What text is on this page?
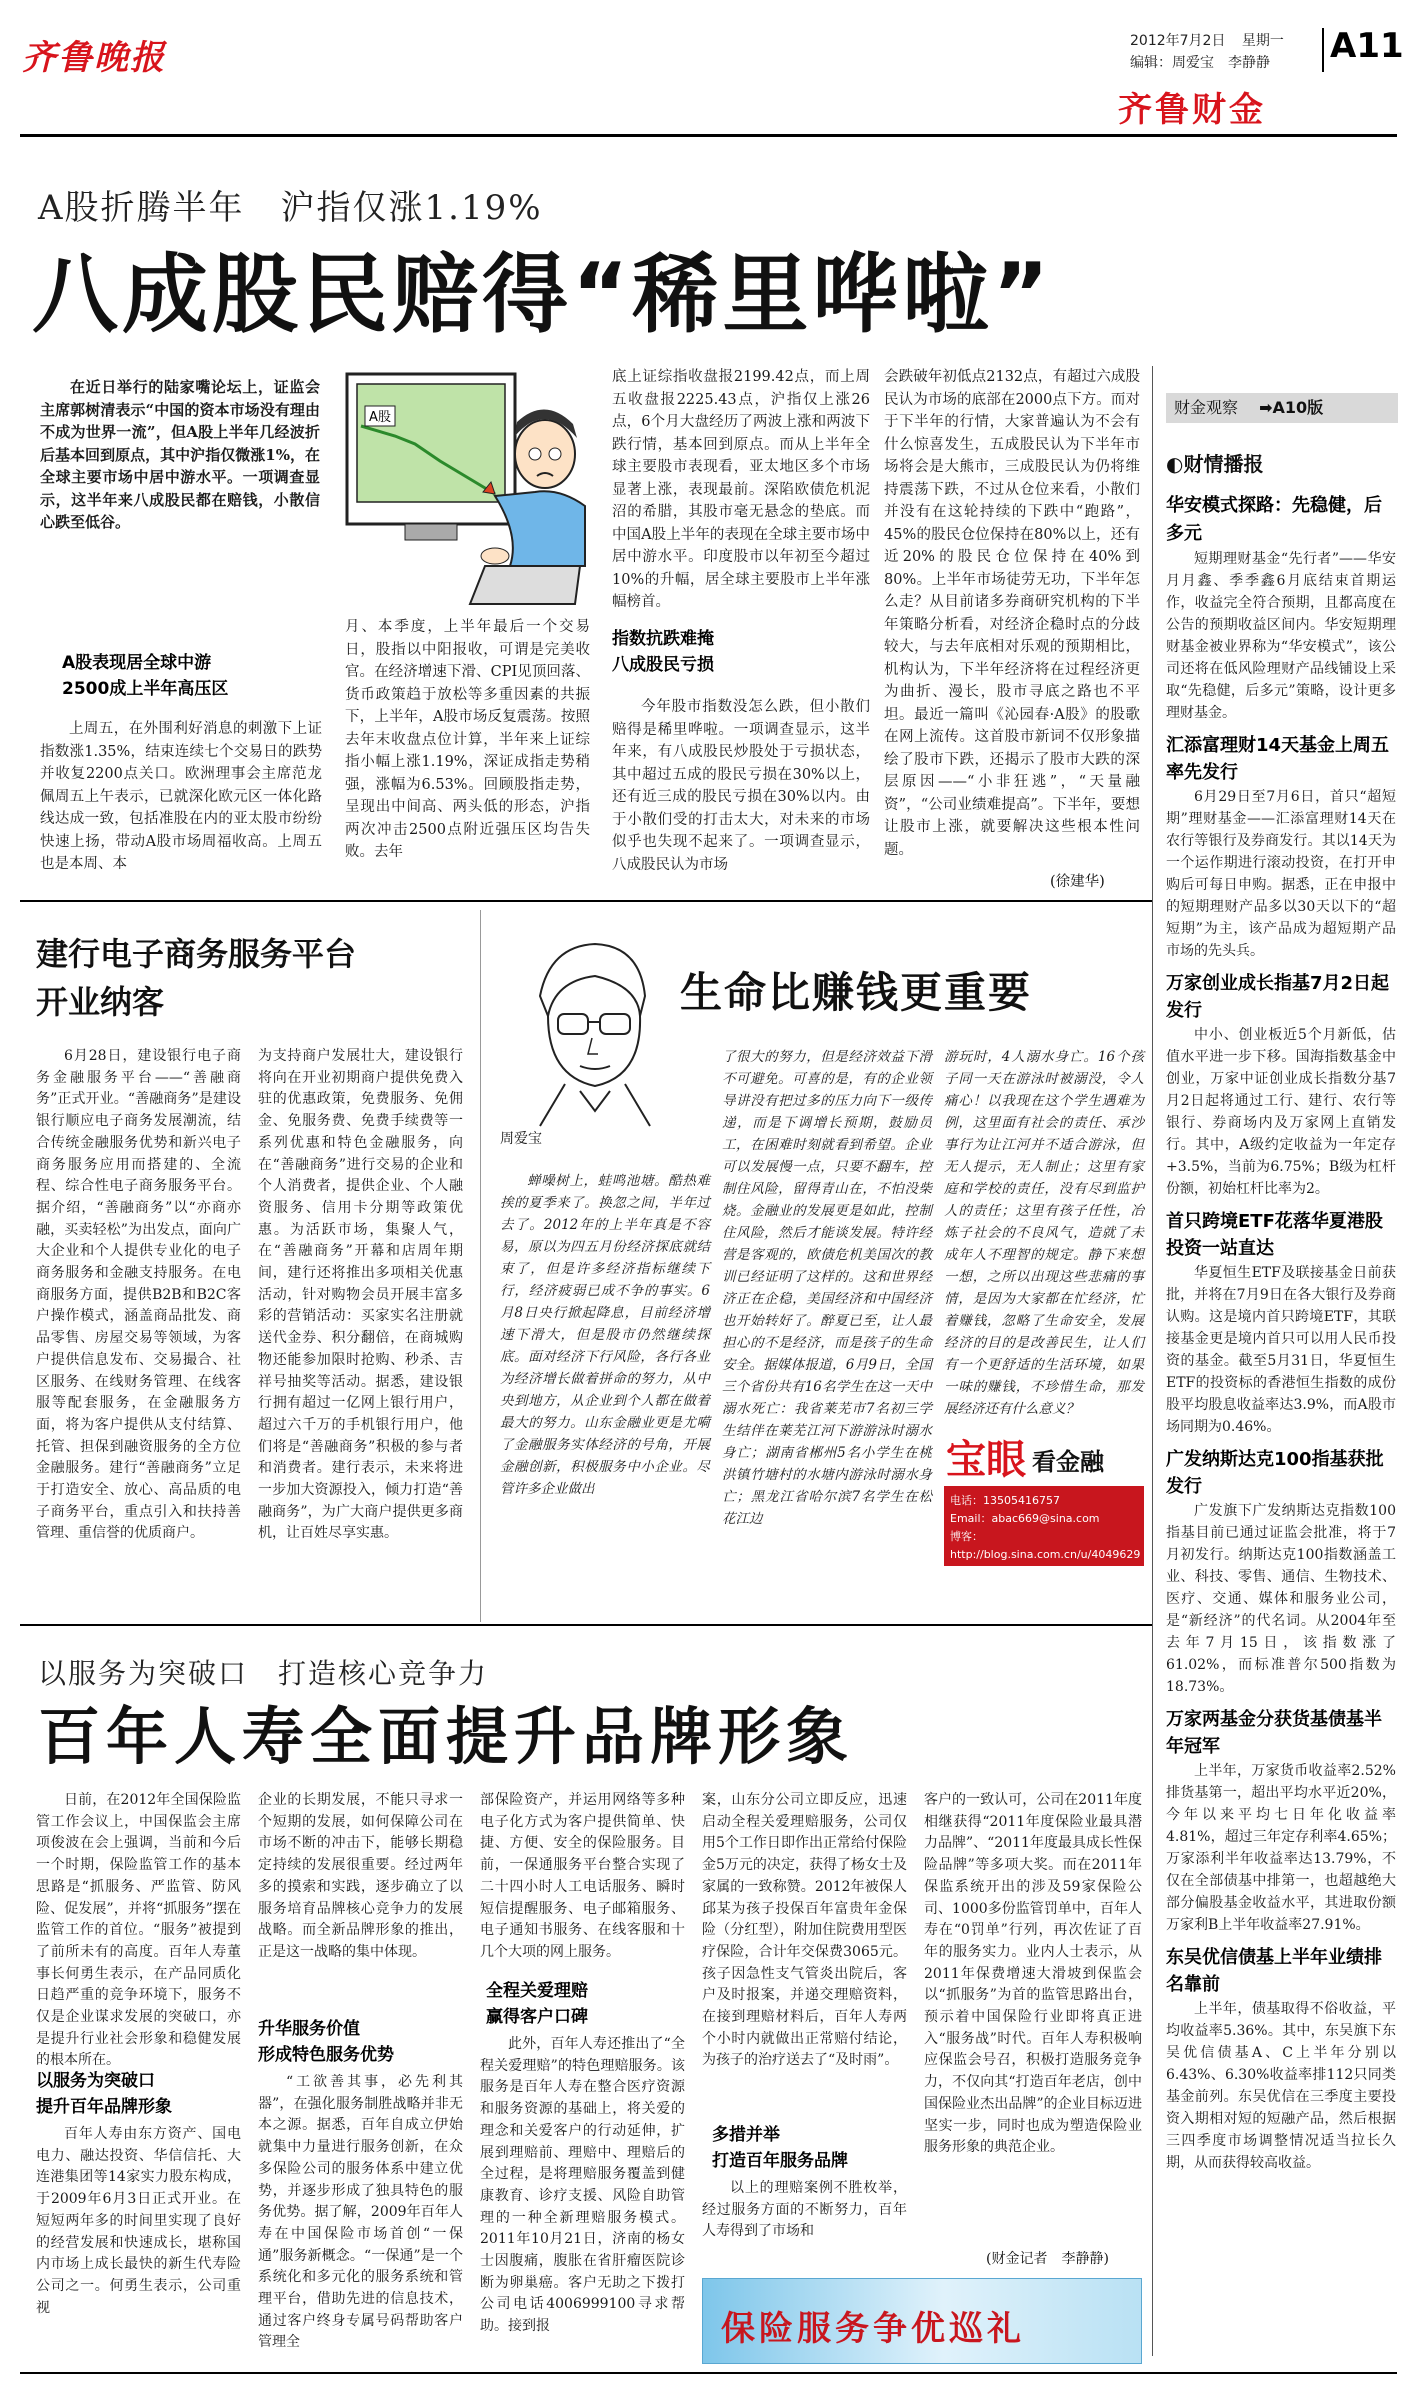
齐鲁晚报	2012年7月2日 星期一
编辑：周爱宝　李静静 A11
齐鲁财金
A股折腾半年　沪指仅涨1.19%
八成股民赔得“稀里哗啦”
A股

在近日举行的陆家嘴论坛上，证监会主席郭树清表示“中国的资本市场没有理由不成为世界一流”，但A股上半年几经波折后基本回到原点，其中沪指仅微涨1%，在全球主要市场中居中游水平。一项调查显示，这半年来八成股民都在赔钱，小散信心跌至低谷。

A股表现居全球中游
2500成上半年高压区

上周五，在外围利好消息的刺激下上证指数涨1.35%，结束连续七个交易日的跌势并收复2200点关口。欧洲理事会主席范龙佩周五上午表示，已就深化欧元区一体化路线达成一致，包括准股在内的亚太股市纷纷快速上扬，带动A股市场周福收高。上周五也是本周、本

月、本季度，上半年最后一个交易日，股指以中阳报收，可谓是完美收官。在经济增速下滑、CPI见顶回落、货币政策趋于放松等多重因素的共振下，上半年，A股市场反复震荡。按照去年末收盘点位计算，半年来上证综指小幅上涨1.19%，深证成指走势稍强，涨幅为6.53%。回顾股指走势，呈现出中间高、两头低的形态，沪指两次冲击2500点附近强压区均告失败。去年

底上证综指收盘报2199.42点，而上周五收盘报2225.43点，沪指仅上涨26点，6个月大盘经历了两波上涨和两波下跌行情，基本回到原点。而从上半年全球主要股市表现看，亚太地区多个市场显著上涨，表现最前。深陷欧债危机泥沼的希腊，其股市毫无悬念的垫底。而中国A股上半年的表现在全球主要市场中居中游水平。印度股市以年初至今超过10%的升幅，居全球主要股市上半年涨幅榜首。

指数抗跌难掩
八成股民亏损

今年股市指数没怎么跌，但小散们赔得是稀里哗啦。一项调查显示，这半年来，有八成股民炒股处于亏损状态，其中超过五成的股民亏损在30%以上，还有近三成的股民亏损在30%以内。由于小散们受的打击太大，对未来的市场似乎也失现不起来了。一项调查显示，八成股民认为市场

会跌破年初低点2132点，有超过六成股民认为市场的底部在2000点下方。而对于下半年的行情，大家普遍认为不会有什么惊喜发生，五成股民认为下半年市场将会是大熊市，三成股民认为仍将维持震荡下跌，不过从仓位来看，小散们并没有在这轮持续的下跌中“跑路”，45%的股民仓位保持在80%以上，还有近20%的股民仓位保持在40%到80%。上半年市场徒劳无功，下半年怎么走？从目前诸多券商研究机构的下半年策略分析看，对经济企稳时点的分歧较大，与去年底相对乐观的预期相比，机构认为，下半年经济将在过程经济更为曲折、漫长，股市寻底之路也不平坦。最近一篇叫《沁园春·A股》的股歌在网上流传。这首股市新词不仅形象描绘了股市下跌，还揭示了股市大跌的深层原因——“小非狂逃”，“天量融资”，“公司业绩难提高”。下半年，要想让股市上涨，就要解决这些根本性问题。

(徐建华)
财金观察 ➡A10版
◐财情播报
华安模式探路：先稳健，后多元
短期理财基金“先行者”——华安月月鑫、季季鑫6月底结束首期运作，收益完全符合预期，且都高度在公告的预期收益区间内。华安短期理财基金被业界称为“华安模式”，该公司还将在低风险理财产品线铺设上采取“先稳健，后多元”策略，设计更多理财基金。
汇添富理财14天基金上周五率先发行
6月29日至7月6日，首只“超短期”理财基金——汇添富理财14天在农行等银行及券商发行。其以14天为一个运作期进行滚动投资，在打开申购后可每日申购。据悉，正在申报中的短期理财产品多以30天以下的“超短期”为主，该产品成为超短期产品市场的先头兵。
万家创业成长指基7月2日起发行
中小、创业板近5个月新低，估值水平进一步下移。国海指数基金中创业，万家中证创业成长指数分基7月2日起将通过工行、建行、农行等银行、券商场内及万家网上直销发行。其中，A级约定收益为一年定存+3.5%，当前为6.75%；B级为杠杆份额，初始杠杆比率为2。
首只跨境ETF花落华夏港股投资一站直达
华夏恒生ETF及联接基金日前获批，并将在7月9日在各大银行及券商认购。这是境内首只跨境ETF，其联接基金更是境内首只可以用人民币投资的基金。截至5月31日，华夏恒生ETF的投资标的香港恒生指数的成份股平均股息收益率达3.9%，而A股市场同期为0.46%。
广发纳斯达克100指基获批发行
广发旗下广发纳斯达克指数100指基目前已通过证监会批准，将于7月初发行。纳斯达克100指数涵盖工业、科技、零售、通信、生物技术、医疗、交通、媒体和服务业公司，是“新经济”的代名词。从2004年至去年7月15日，该指数涨了61.02%，而标准普尔500指数为18.73%。
万家两基金分获货基债基半年冠军
上半年，万家货币收益率2.52%排货基第一，超出平均水平近20%，今年以来平均七日年化收益率4.81%，超过三年定存利率4.65%；万家添利半年收益率达13.79%，不仅在全部债基中排第一，也超越绝大部分偏股基金收益水平，其进取份额万家利B上半年收益率27.91%。
东吴优信债基上半年业绩排名靠前
上半年，债基取得不俗收益，平均收益率5.36%。其中，东吴旗下东吴优信债基A、C上半年分别以6.43%、6.30%收益率排112只同类基金前列。东吴优信在三季度主要投资入期相对短的短融产品，然后根据三四季度市场调整情况适当拉长久期，从而获得较高收益。
建行电子商务服务平台
开业纳客

6月28日，建设银行电子商务金融服务平台——“善融商务”正式开业。“善融商务”是建设银行顺应电子商务发展潮流，结合传统金融服务优势和新兴电子商务服务应用而搭建的、全流程、综合性电子商务服务平台。据介绍，“善融商务”以“亦商亦融，买卖轻松”为出发点，面向广大企业和个人提供专业化的电子商务服务和金融支持服务。在电商服务方面，提供B2B和B2C客户操作模式，涵盖商品批发、商品零售、房屋交易等领域，为客户提供信息发布、交易撮合、社区服务、在线财务管理、在线客服等配套服务，在金融服务方面，将为客户提供从支付结算、托管、担保到融资服务的全方位金融服务。建行“善融商务”立足于打造安全、放心、高品质的电子商务平台，重点引入和扶持善管理、重信誉的优质商户。

为支持商户发展壮大，建设银行将向在开业初期商户提供免费入驻的优惠政策，免费服务、免佣金、免服务费、免费手续费等一系列优惠和特色金融服务，向在“善融商务”进行交易的企业和个人消费者，提供企业、个人融资服务、信用卡分期等政策优惠。为活跃市场，集聚人气，在“善融商务”开幕和店周年期间，建行还将推出多项相关优惠活动，针对购物会员开展丰富多彩的营销活动：买家实名注册就送代金券、积分翻倍，在商城购物还能参加限时抢购、秒杀、吉祥号抽奖等活动。据悉，建设银行拥有超过一亿网上银行用户，超过六千万的手机银行用户，他们将是“善融商务”积极的参与者和消费者。建行表示，未来将进一步加大资源投入，倾力打造“善融商务”，为广大商户提供更多商机，让百姓尽享实惠。

周爱宝
生命比赚钱更重要

蝉噪树上，蛙鸣池塘。酷热难挨的夏季来了。换忽之间，半年过去了。2012年的上半年真是不容易，原以为四五月份经济探底就结束了，但是许多经济指标继续下行，经济疲弱已成不争的事实。6月8日央行掀起降息，目前经济增速下滑大，但是股市仍然继续探底。面对经济下行风险，各行各业为经济增长做着拼命的努力，从中央到地方，从企业到个人都在做着最大的努力。山东金融业更是尤嗬了金融服务实体经济的号角，开展金融创新，积极服务中小企业。尽管许多企业做出

了很大的努力，但是经济效益下滑不可避免。可喜的是，有的企业领导讲没有把过多的压力向下一级传递，而是下调增长预期，鼓励员工，在困难时刻就看到希望。企业可以发展慢一点，只要不翻车，控制住风险，留得青山在，不怕没柴烧。金融业的发展更是如此，控制住风险，然后才能谈发展。特许经营是客观的，欧债危机美国次的教训已经证明了这样的。这和世界经济正在企稳，美国经济和中国经济也开始转好了。醉夏已至，让人最担心的不是经济，而是孩子的生命安全。据媒体报道，6月9日，全国三个省份共有16名学生在这一天中溺水死亡：我省莱芜市7名初三学生结伴在莱芜江河下游游泳时溺水身亡；湖南省郴州5名小学生在桃洪镇竹塘村的水塘内游泳时溺水身亡；黑龙江省哈尔滨7名学生在松花江边

游玩时，4人溺水身亡。16个孩子同一天在游泳时被溺没，令人痛心！以我现在这个学生遇难为例，这里面有社会的责任、承沙事行为让江河并不适合游泳，但无人提示，无人制止；这里有家庭和学校的责任，没有尽到监护人的责任；这里有孩子任性，冶炼子社会的不良风气，造就了未成年人不理智的规定。静下来想一想，之所以出现这些悲痛的事情，是因为大家都在忙经济，忙着赚钱，忽略了生命安全，发展经济的目的是改善民生，让人们有一个更舒适的生活环境，如果一味的赚钱，不珍惜生命，那发展经济还有什么意义？

宝眼 看金融
电话：13505416757
Email：abac669@sina.com
博客：http://blog.sina.com.cn/u/4049629
以服务为突破口　打造核心竞争力
百年人寿全面提升品牌形象

日前，在2012年全国保险监管工作会议上，中国保监会主席项俊波在会上强调，当前和今后一个时期，保险监管工作的基本思路是“抓服务、严监管、防风险、促发展”，并将“抓服务”摆在监管工作的首位。“服务”被提到了前所未有的高度。百年人寿董事长何勇生表示，在产品同质化日趋严重的竞争环境下，服务不仅是企业谋求发展的突破口，亦是提升行业社会形象和稳健发展的根本所在。

以服务为突破口
提升百年品牌形象

百年人寿由东方资产、国电电力、融达投资、华信信托、大连港集团等14家实力股东构成，于2009年6月3日正式开业。在短短两年多的时间里实现了良好的经营发展和快速成长，堪称国内市场上成长最快的新生代寿险公司之一。何勇生表示，公司重视

企业的长期发展，不能只寻求一个短期的发展，如何保障公司在市场不断的冲击下，能够长期稳定持续的发展很重要。经过两年多的摸索和实践，逐步确立了以服务培育品牌核心竞争力的发展战略。而全新品牌形象的推出，正是这一战略的集中体现。

升华服务价值
形成特色服务优势

“工欲善其事，必先利其器”，在强化服务制胜战略并非无本之源。据悉，百年自成立伊始就集中力量进行服务创新，在众多保险公司的服务体系中建立优势，并逐步形成了独具特色的服务优势。据了解，2009年百年人寿在中国保险市场首创“一保通”服务新概念。“一保通”是一个系统化和多元化的服务系统和管理平台，借助先进的信息技术，通过客户终身专属号码帮助客户管理全

部保险资产，并运用网络等多种电子化方式为客户提供简单、快捷、方便、安全的保险服务。目前，一保通服务平台整合实现了二十四小时人工电话服务、瞬时短信提醒服务、电子邮箱服务、电子通知书服务、在线客服和十几个大项的网上服务。

全程关爱理赔
赢得客户口碑

此外，百年人寿还推出了“全程关爱理赔”的特色理赔服务。该服务是百年人寿在整合医疗资源和服务资源的基础上，将关爱的理念和关爱客户的行动延伸，扩展到理赔前、理赔中、理赔后的全过程，是将理赔服务覆盖到健康教育、诊疗支援、风险自助管理的一种全新理赔服务模式。2011年10月21日，济南的杨女士因腹痛，腹胀在省肝瘤医院诊断为卵巢癌。客户无助之下拨打公司电话4006999100寻求帮助。接到报

案，山东分公司立即反应，迅速启动全程关爱理赔服务，公司仅用5个工作日即作出正常给付保险金5万元的决定，获得了杨女士及家属的一致称赞。2012年被保人邱某为孩子投保百年富贵年金保险（分红型），附加住院费用型医疗保险，合计年交保费3065元。孩子因急性支气管炎出院后，客户及时报案，并递交理赔资料，在接到理赔材料后，百年人寿两个小时内就做出正常赔付结论，为孩子的治疗送去了“及时雨”。

多措并举
打造百年服务品牌

以上的理赔案例不胜枚举，经过服务方面的不断努力，百年人寿得到了市场和

客户的一致认可，公司在2011年度相继获得“2011年度保险业最具潜力品牌”、“2011年度最具成长性保险品牌”等多项大奖。而在2011年保监系统开出的涉及59家保险公司、1000多份监管罚单中，百年人寿在“0罚单”行列，再次佐证了百年的服务实力。业内人士表示，从2011年保费增速大滑坡到保监会以“抓服务”为首的监管思路出台，预示着中国保险行业即将真正进入“服务战”时代。百年人寿积极响应保监会号召，积极打造服务竞争力，不仅向其“打造百年老店，创中国保险业杰出品牌”的企业目标迈进坚实一步，同时也成为塑造保险业服务形象的典范企业。

(财金记者　李静静)
保险服务争优巡礼
